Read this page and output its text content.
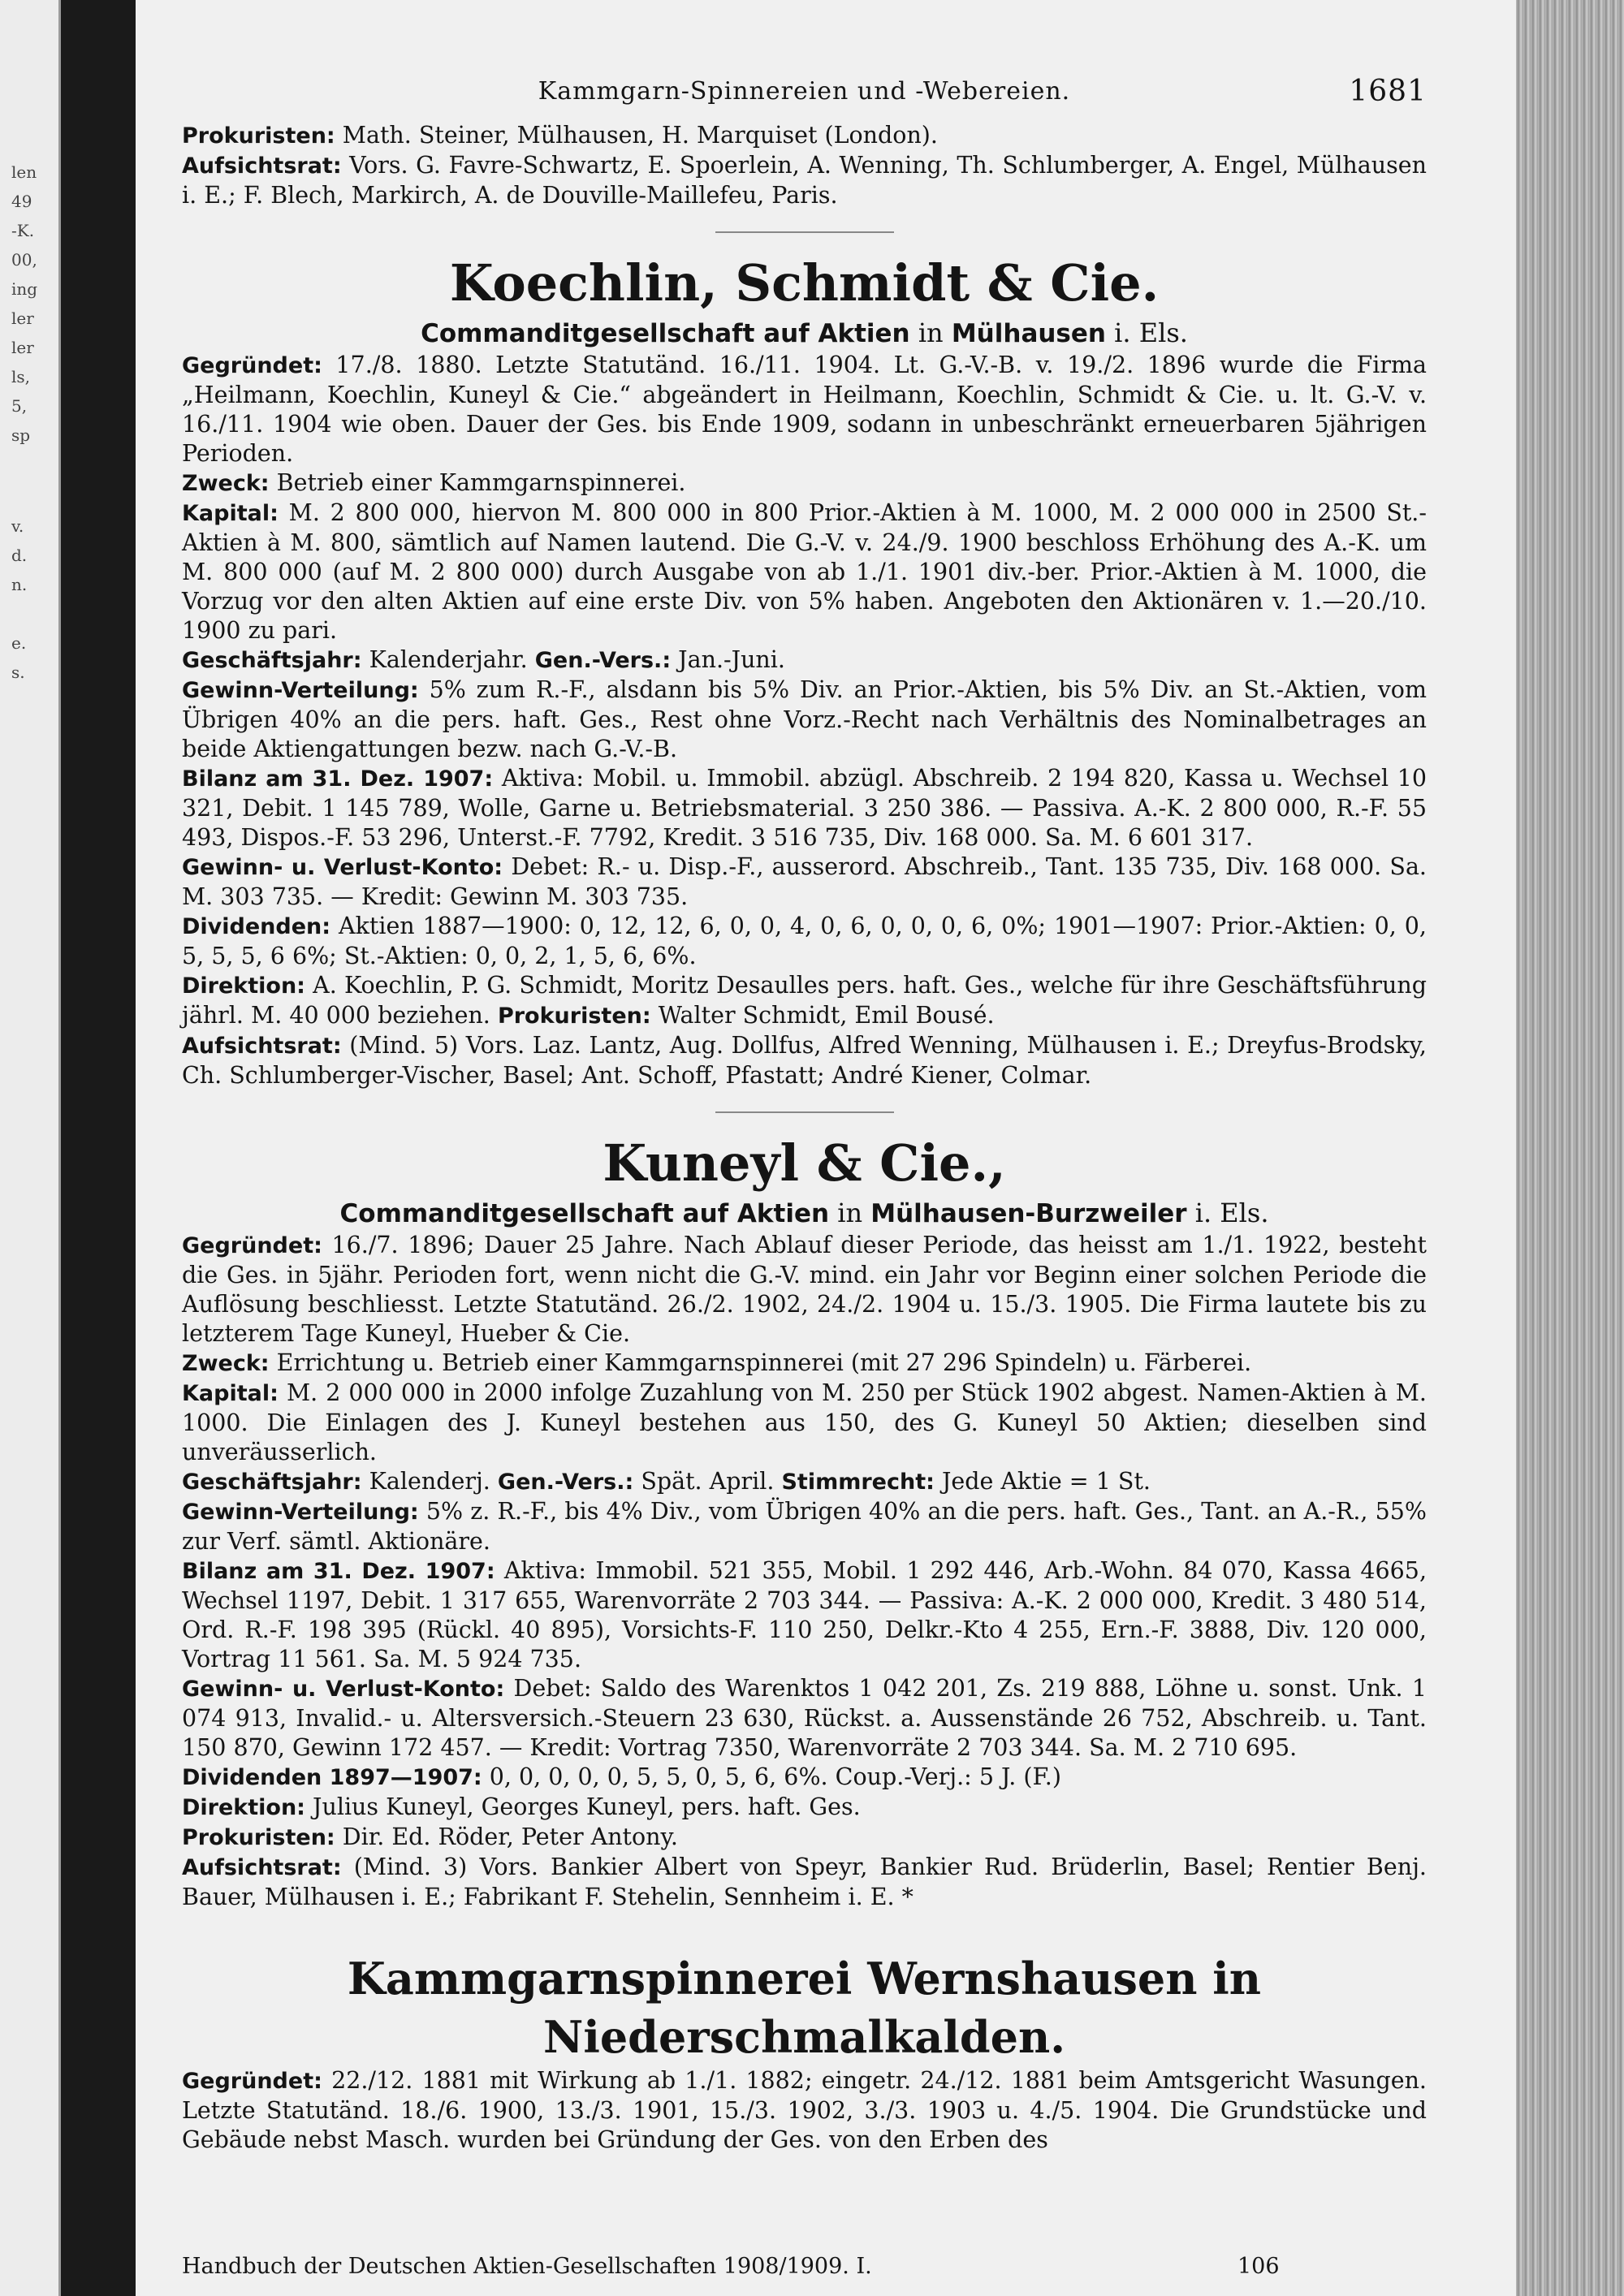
len
49
-K.
00,
ing
ler
ler
ls,
5,
sp
v.
d.
n.
e.
s.
Kammgarn-Spinnereien und -Webereien.	1681

Prokuristen: Math. Steiner, Mülhausen, H. Marquiset (London).

Aufsichtsrat: Vors. G. Favre-Schwartz, E. Spoerlein, A. Wenning, Th. Schlumberger, A. Engel, Mülhausen i. E.; F. Blech, Markirch, A. de Douville-Maillefeu, Paris.

Koechlin, Schmidt & Cie.

Commanditgesellschaft auf Aktien in Mülhausen i. Els.

Gegründet: 17./8. 1880. Letzte Statutänd. 16./11. 1904. Lt. G.-V.-B. v. 19./2. 1896 wurde die Firma „Heilmann, Koechlin, Kuneyl & Cie.“ abgeändert in Heilmann, Koechlin, Schmidt & Cie. u. lt. G.-V. v. 16./11. 1904 wie oben. Dauer der Ges. bis Ende 1909, sodann in unbeschränkt erneuerbaren 5jährigen Perioden.

Zweck: Betrieb einer Kammgarnspinnerei.

Kapital: M. 2 800 000, hiervon M. 800 000 in 800 Prior.-Aktien à M. 1000, M. 2 000 000 in 2500 St.-Aktien à M. 800, sämtlich auf Namen lautend. Die G.-V. v. 24./9. 1900 beschloss Erhöhung des A.-K. um M. 800 000 (auf M. 2 800 000) durch Ausgabe von ab 1./1. 1901 div.-ber. Prior.-Aktien à M. 1000, die Vorzug vor den alten Aktien auf eine erste Div. von 5% haben. Angeboten den Aktionären v. 1.—20./10. 1900 zu pari.

Geschäftsjahr: Kalenderjahr. Gen.-Vers.: Jan.-Juni.

Gewinn-Verteilung: 5% zum R.-F., alsdann bis 5% Div. an Prior.-Aktien, bis 5% Div. an St.-Aktien, vom Übrigen 40% an die pers. haft. Ges., Rest ohne Vorz.-Recht nach Verhältnis des Nominalbetrages an beide Aktiengattungen bezw. nach G.-V.-B.

Bilanz am 31. Dez. 1907: Aktiva: Mobil. u. Immobil. abzügl. Abschreib. 2 194 820, Kassa u. Wechsel 10 321, Debit. 1 145 789, Wolle, Garne u. Betriebsmaterial. 3 250 386. — Passiva. A.-K. 2 800 000, R.-F. 55 493, Dispos.-F. 53 296, Unterst.-F. 7792, Kredit. 3 516 735, Div. 168 000. Sa. M. 6 601 317.

Gewinn- u. Verlust-Konto: Debet: R.- u. Disp.-F., ausserord. Abschreib., Tant. 135 735, Div. 168 000. Sa. M. 303 735. — Kredit: Gewinn M. 303 735.

Dividenden: Aktien 1887—1900: 0, 12, 12, 6, 0, 0, 4, 0, 6, 0, 0, 0, 6, 0%; 1901—1907: Prior.-Aktien: 0, 0, 5, 5, 5, 6 6%; St.-Aktien: 0, 0, 2, 1, 5, 6, 6%.

Direktion: A. Koechlin, P. G. Schmidt, Moritz Desaulles pers. haft. Ges., welche für ihre Geschäftsführung jährl. M. 40 000 beziehen. Prokuristen: Walter Schmidt, Emil Bousé.

Aufsichtsrat: (Mind. 5) Vors. Laz. Lantz, Aug. Dollfus, Alfred Wenning, Mülhausen i. E.; Dreyfus-Brodsky, Ch. Schlumberger-Vischer, Basel; Ant. Schoff, Pfastatt; André Kiener, Colmar.

Kuneyl & Cie.,

Commanditgesellschaft auf Aktien in Mülhausen-Burzweiler i. Els.

Gegründet: 16./7. 1896; Dauer 25 Jahre. Nach Ablauf dieser Periode, das heisst am 1./1. 1922, besteht die Ges. in 5jähr. Perioden fort, wenn nicht die G.-V. mind. ein Jahr vor Beginn einer solchen Periode die Auflösung beschliesst. Letzte Statutänd. 26./2. 1902, 24./2. 1904 u. 15./3. 1905. Die Firma lautete bis zu letzterem Tage Kuneyl, Hueber & Cie.

Zweck: Errichtung u. Betrieb einer Kammgarnspinnerei (mit 27 296 Spindeln) u. Färberei.

Kapital: M. 2 000 000 in 2000 infolge Zuzahlung von M. 250 per Stück 1902 abgest. Namen-Aktien à M. 1000. Die Einlagen des J. Kuneyl bestehen aus 150, des G. Kuneyl 50 Aktien; dieselben sind unveräusserlich.

Geschäftsjahr: Kalenderj. Gen.-Vers.: Spät. April. Stimmrecht: Jede Aktie = 1 St.

Gewinn-Verteilung: 5% z. R.-F., bis 4% Div., vom Übrigen 40% an die pers. haft. Ges., Tant. an A.-R., 55% zur Verf. sämtl. Aktionäre.

Bilanz am 31. Dez. 1907: Aktiva: Immobil. 521 355, Mobil. 1 292 446, Arb.-Wohn. 84 070, Kassa 4665, Wechsel 1197, Debit. 1 317 655, Warenvorräte 2 703 344. — Passiva: A.-K. 2 000 000, Kredit. 3 480 514, Ord. R.-F. 198 395 (Rückl. 40 895), Vorsichts-F. 110 250, Delkr.-Kto 4 255, Ern.-F. 3888, Div. 120 000, Vortrag 11 561. Sa. M. 5 924 735.

Gewinn- u. Verlust-Konto: Debet: Saldo des Warenktos 1 042 201, Zs. 219 888, Löhne u. sonst. Unk. 1 074 913, Invalid.- u. Altersversich.-Steuern 23 630, Rückst. a. Aussenstände 26 752, Abschreib. u. Tant. 150 870, Gewinn 172 457. — Kredit: Vortrag 7350, Warenvorräte 2 703 344. Sa. M. 2 710 695.

Dividenden 1897—1907: 0, 0, 0, 0, 0, 5, 5, 0, 5, 6, 6%. Coup.-Verj.: 5 J. (F.)

Direktion: Julius Kuneyl, Georges Kuneyl, pers. haft. Ges.

Prokuristen: Dir. Ed. Röder, Peter Antony.

Aufsichtsrat: (Mind. 3) Vors. Bankier Albert von Speyr, Bankier Rud. Brüderlin, Basel; Rentier Benj. Bauer, Mülhausen i. E.; Fabrikant F. Stehelin, Sennheim i. E. *

Kammgarnspinnerei Wernshausen in Niederschmalkalden.

Gegründet: 22./12. 1881 mit Wirkung ab 1./1. 1882; eingetr. 24./12. 1881 beim Amtsgericht Wasungen. Letzte Statutänd. 18./6. 1900, 13./3. 1901, 15./3. 1902, 3./3. 1903 u. 4./5. 1904. Die Grundstücke und Gebäude nebst Masch. wurden bei Gründung der Ges. von den Erben des

Handbuch der Deutschen Aktien-Gesellschaften 1908/1909. I.	106
